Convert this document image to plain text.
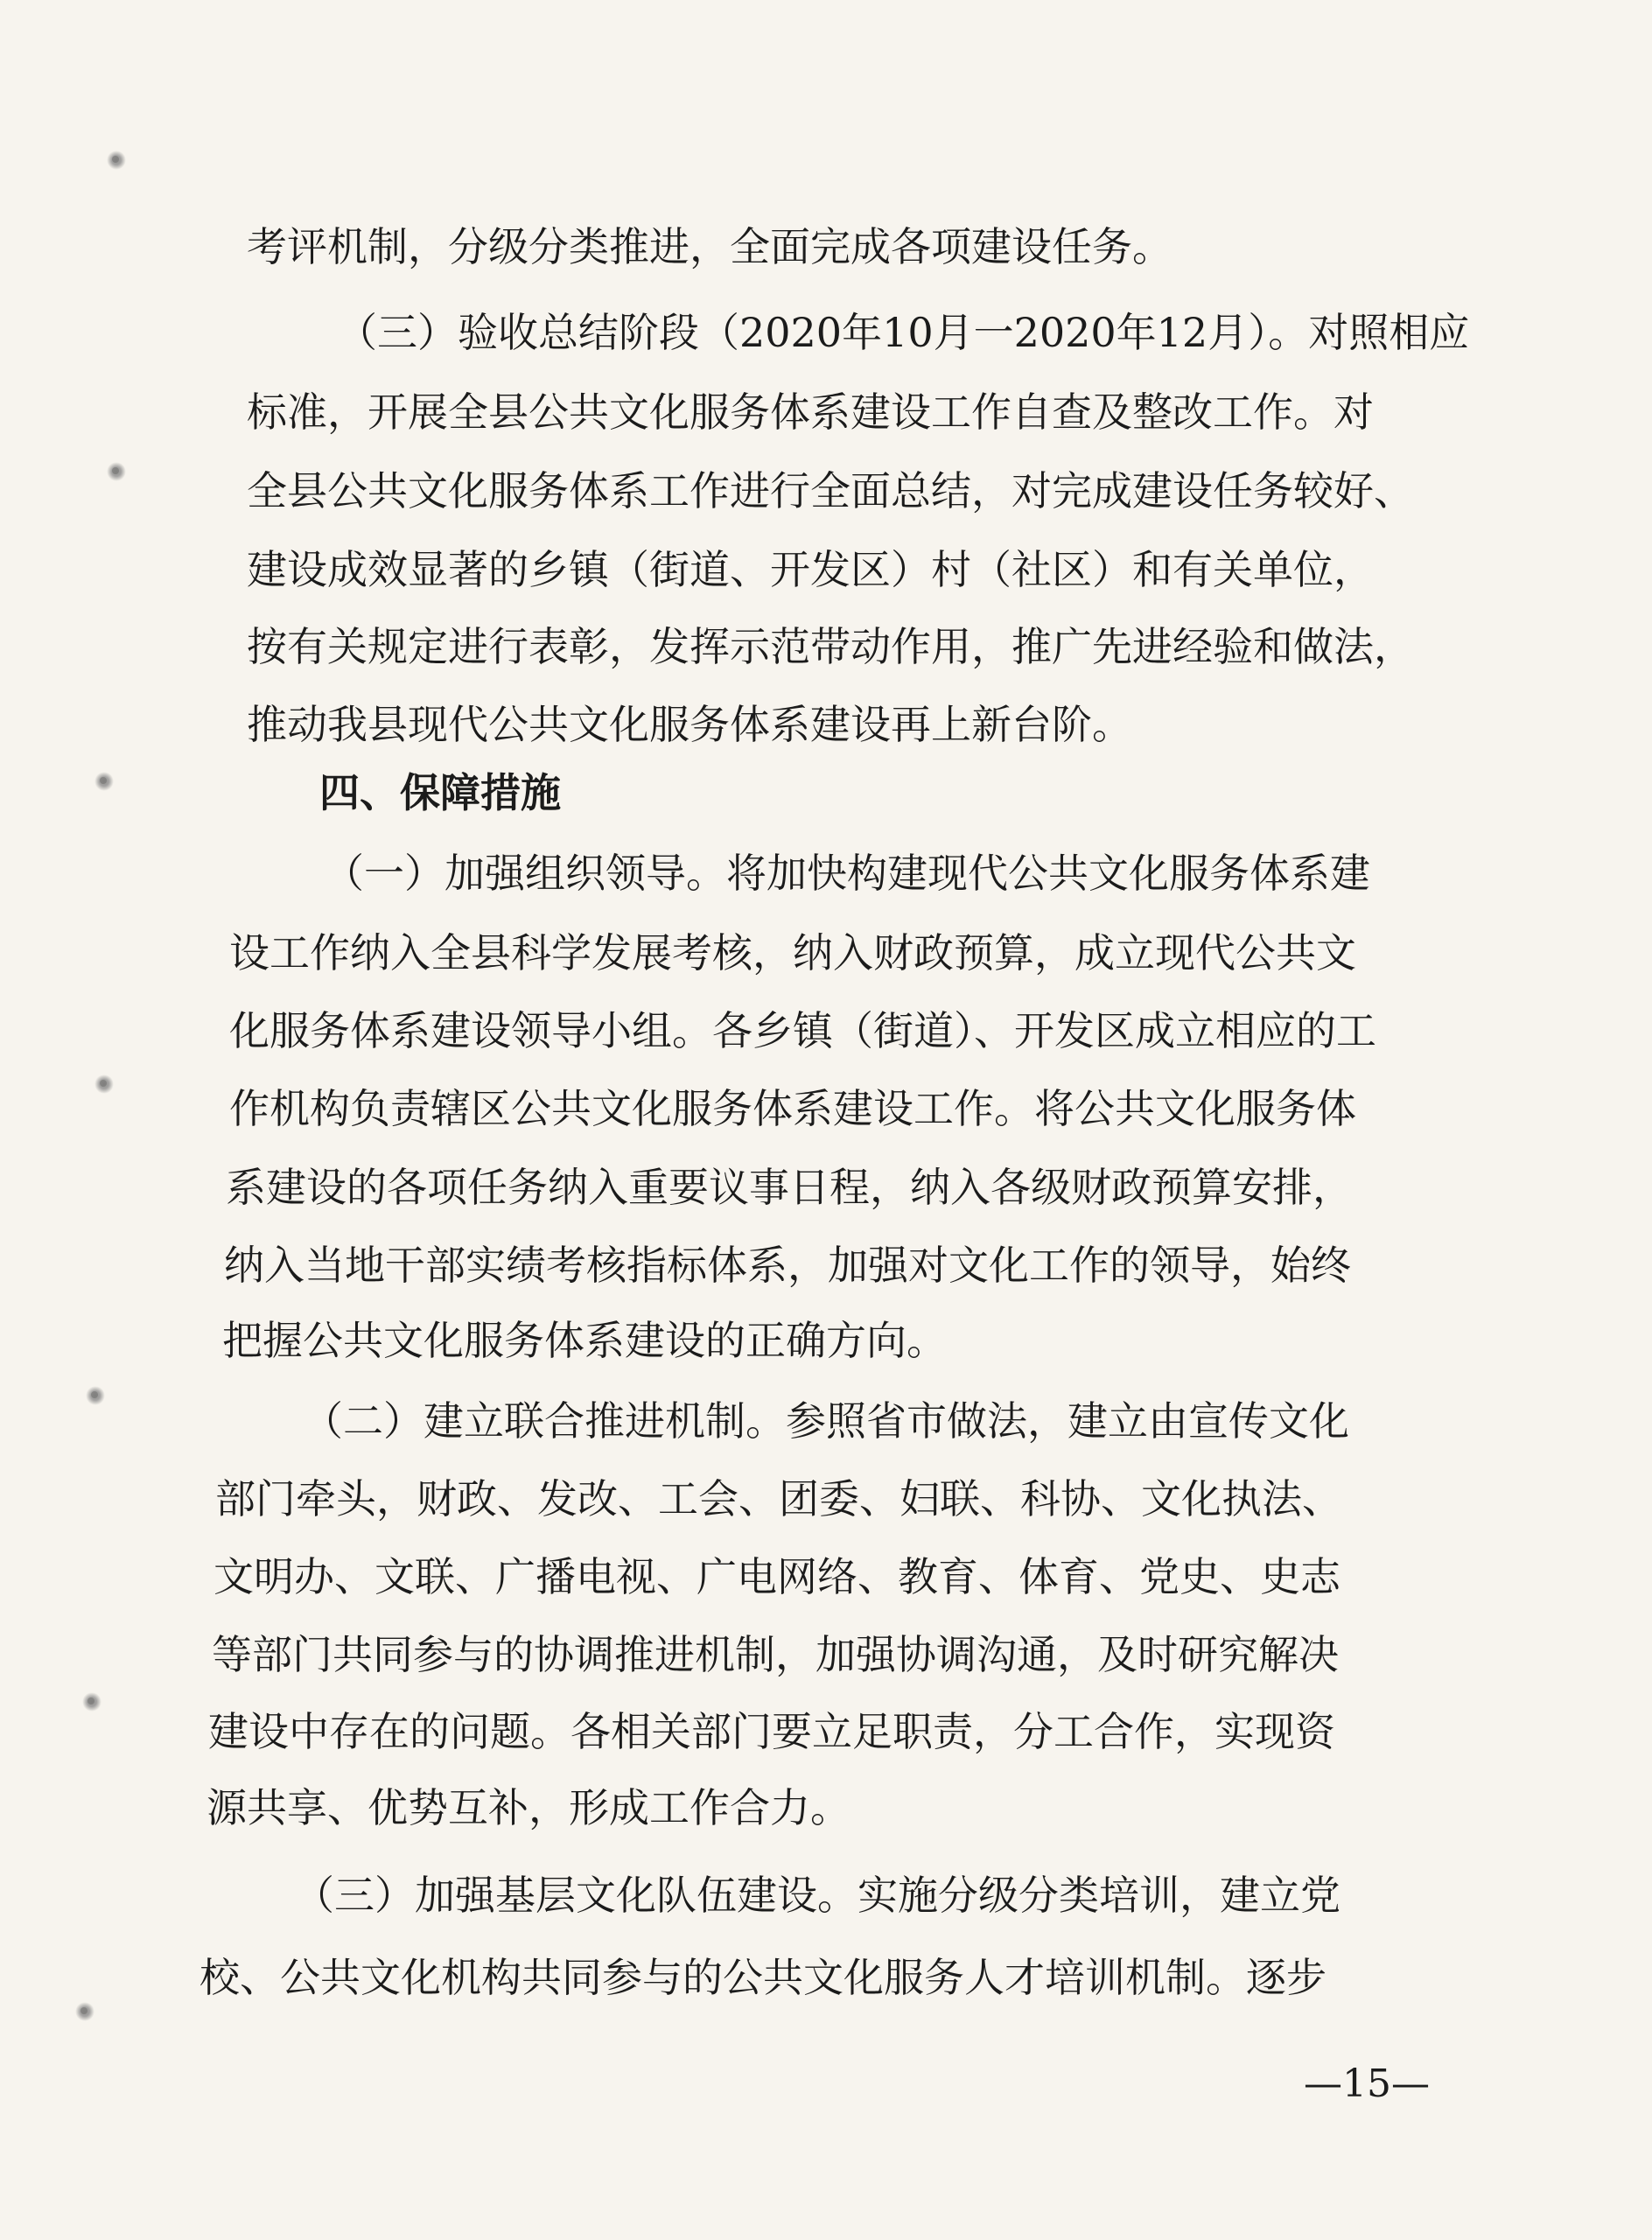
考评机制，分级分类推进，全面完成各项建设任务。
（三）验收总结阶段（2020年10月一2020年12月）。对照相应
标准，开展全县公共文化服务体系建设工作自查及整改工作。对
全县公共文化服务体系工作进行全面总结，对完成建设任务较好、
建设成效显著的乡镇（街道、开发区）村（社区）和有关单位，
按有关规定进行表彰，发挥示范带动作用，推广先进经验和做法，
推动我县现代公共文化服务体系建设再上新台阶。
四、保障措施
（一）加强组织领导。将加快构建现代公共文化服务体系建
设工作纳入全县科学发展考核，纳入财政预算，成立现代公共文
化服务体系建设领导小组。各乡镇（街道）、开发区成立相应的工
作机构负责辖区公共文化服务体系建设工作。将公共文化服务体
系建设的各项任务纳入重要议事日程，纳入各级财政预算安排，
纳入当地干部实绩考核指标体系，加强对文化工作的领导，始终
把握公共文化服务体系建设的正确方向。
（二）建立联合推进机制。参照省市做法，建立由宣传文化
部门牵头，财政、发改、工会、团委、妇联、科协、文化执法、
文明办、文联、广播电视、广电网络、教育、体育、党史、史志
等部门共同参与的协调推进机制，加强协调沟通，及时研究解决
建设中存在的问题。各相关部门要立足职责，分工合作，实现资
源共享、优势互补，形成工作合力。
（三）加强基层文化队伍建设。实施分级分类培训，建立党
校、公共文化机构共同参与的公共文化服务人才培训机制。逐步
—15—
